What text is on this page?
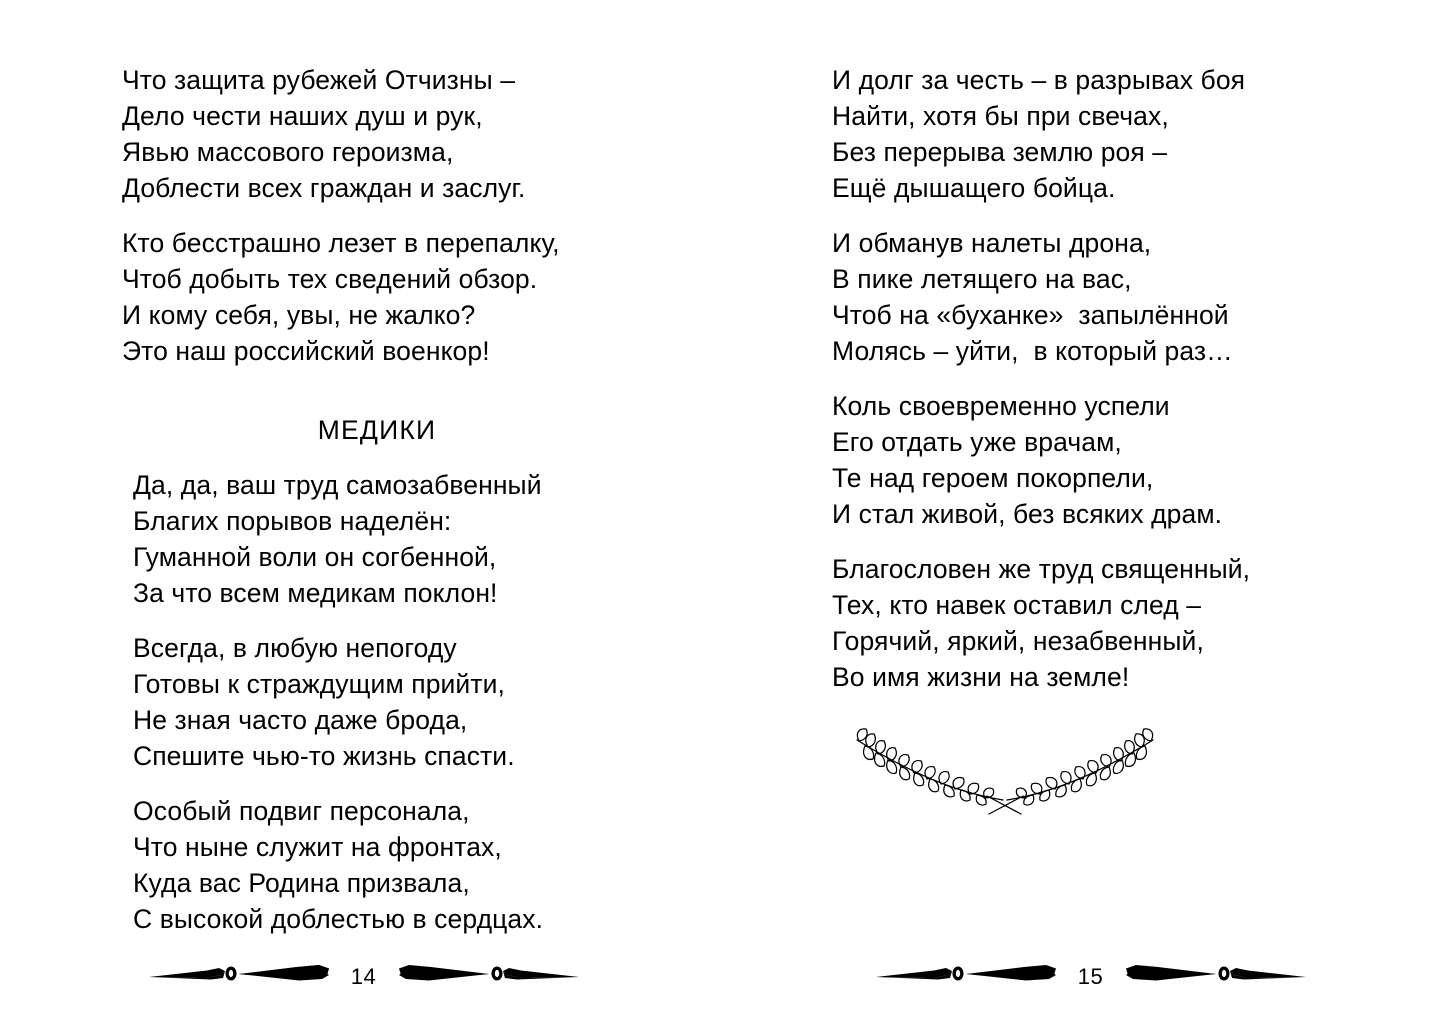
Что защита рубежей Отчизны –
Дело чести наших душ и рук,
Явью массового героизма,
Доблести всех граждан и заслуг.
Кто бесстрашно лезет в перепалку,
Чтоб добыть тех сведений обзор.
И кому себя, увы, не жалко?
Это наш российский военкор!
МЕДИКИ
Да, да, ваш труд самозабвенный
Благих порывов наделён:
Гуманной воли он согбенной,
За что всем медикам поклон!
Всегда, в любую непогоду
Готовы к страждущим прийти,
Не зная часто даже брода,
Спешите чью-то жизнь спасти.
Особый подвиг персонала,
Что ныне служит на фронтах,
Куда вас Родина призвала,
С высокой доблестью в сердцах.
14
И долг за честь – в разрывах боя
Найти, хотя бы при свечах,
Без перерыва землю роя –
Ещё дышащего бойца.
И обманув налеты дрона,
В пике летящего на вас,
Чтоб на «буханке»  запылённой
Молясь – уйти,  в который раз…
Коль своевременно успели
Его отдать уже врачам,
Те над героем покорпели,
И стал живой, без всяких драм.
Благословен же труд священный,
Тех, кто навек оставил след –
Горячий, яркий, незабвенный,
Во имя жизни на земле!
15
